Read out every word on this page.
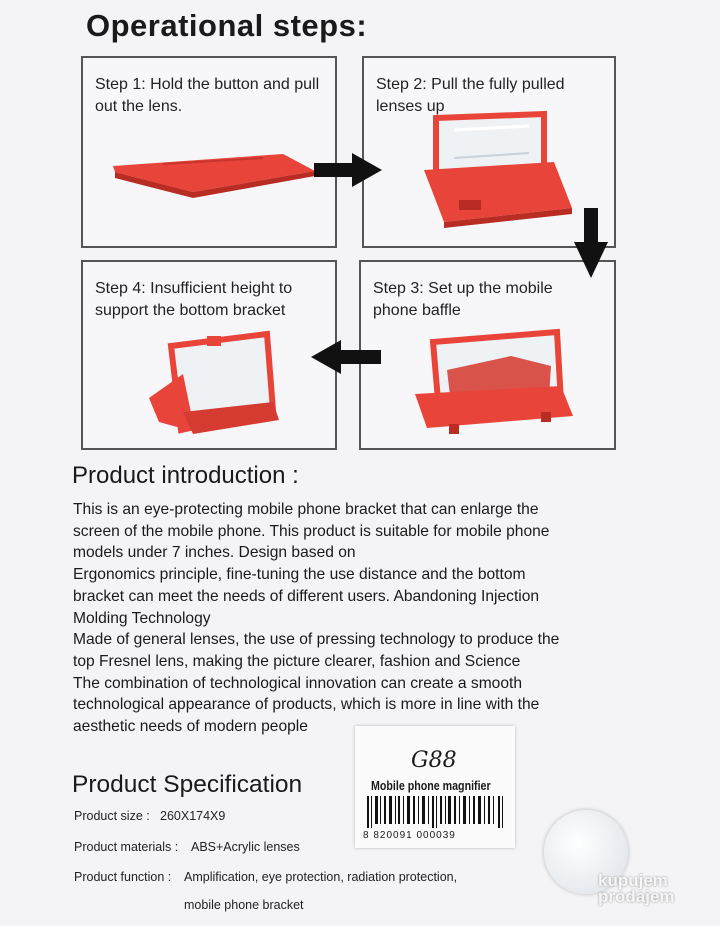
Operational steps:
Step 1: Hold the button and pull out the lens.
Step 2: Pull the fully pulled lenses up
Step 4: Insufficient height to support the bottom bracket
Step 3: Set up the mobile phone baffle
Product introduction :
This is an eye-protecting mobile phone bracket that can enlarge the
screen of the mobile phone. This product is suitable for mobile phone
models under 7 inches. Design based on
Ergonomics principle, fine-tuning the use distance and the bottom
bracket can meet the needs of different users. Abandoning Injection
Molding Technology
Made of general lenses, the use of pressing technology to produce the
top Fresnel lens, making the picture clearer, fashion and Science
The combination of technological innovation can create a smooth
technological appearance of products, which is more in line with the
aesthetic needs of modern people
Product Specification
Product size : 260X174X9
Product materials : ABS+Acrylic lenses
Product function : Amplification, eye protection, radiation protection,
mobile phone bracket
G88
Mobile phone magnifier
8 820091 000039
kupujem
prodajem
